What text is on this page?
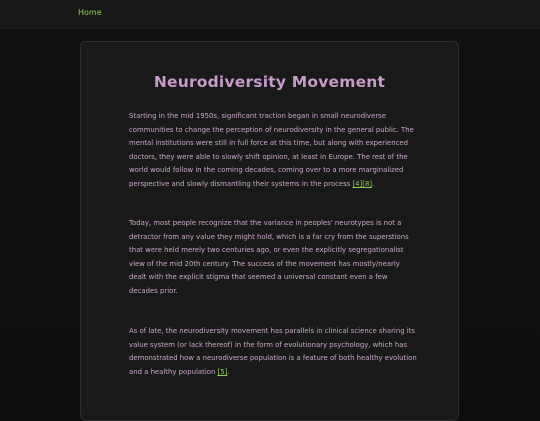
Home
Neurodiversity Movement

Starting in the mid 1950s, significant traction began in small neurodiverse communities to change the perception of neurodiversity in the general public. The mental institutions were still in full force at this time, but along with experienced doctors, they were able to slowly shift opinion, at least in Europe. The rest of the world would follow in the coming decades, coming over to a more marginalized perspective and slowly dismantling their systems in the process [4][8].

Today, most people recognize that the variance in peoples' neurotypes is not a detractor from any value they might hold, which is a far cry from the superstions that were held merely two centuries ago, or even the explicitly segregationalist view of the mid 20th century. The success of the movement has mostly/nearly dealt with the explicit stigma that seemed a universal constant even a few decades prior.

As of late, the neurodiversity movement has parallels in clinical science sharing its value system (or lack thereof) in the form of evolutionary psychology, which has demonstrated how a neurodiverse population is a feature of both healthy evolution and a healthy population [5].
